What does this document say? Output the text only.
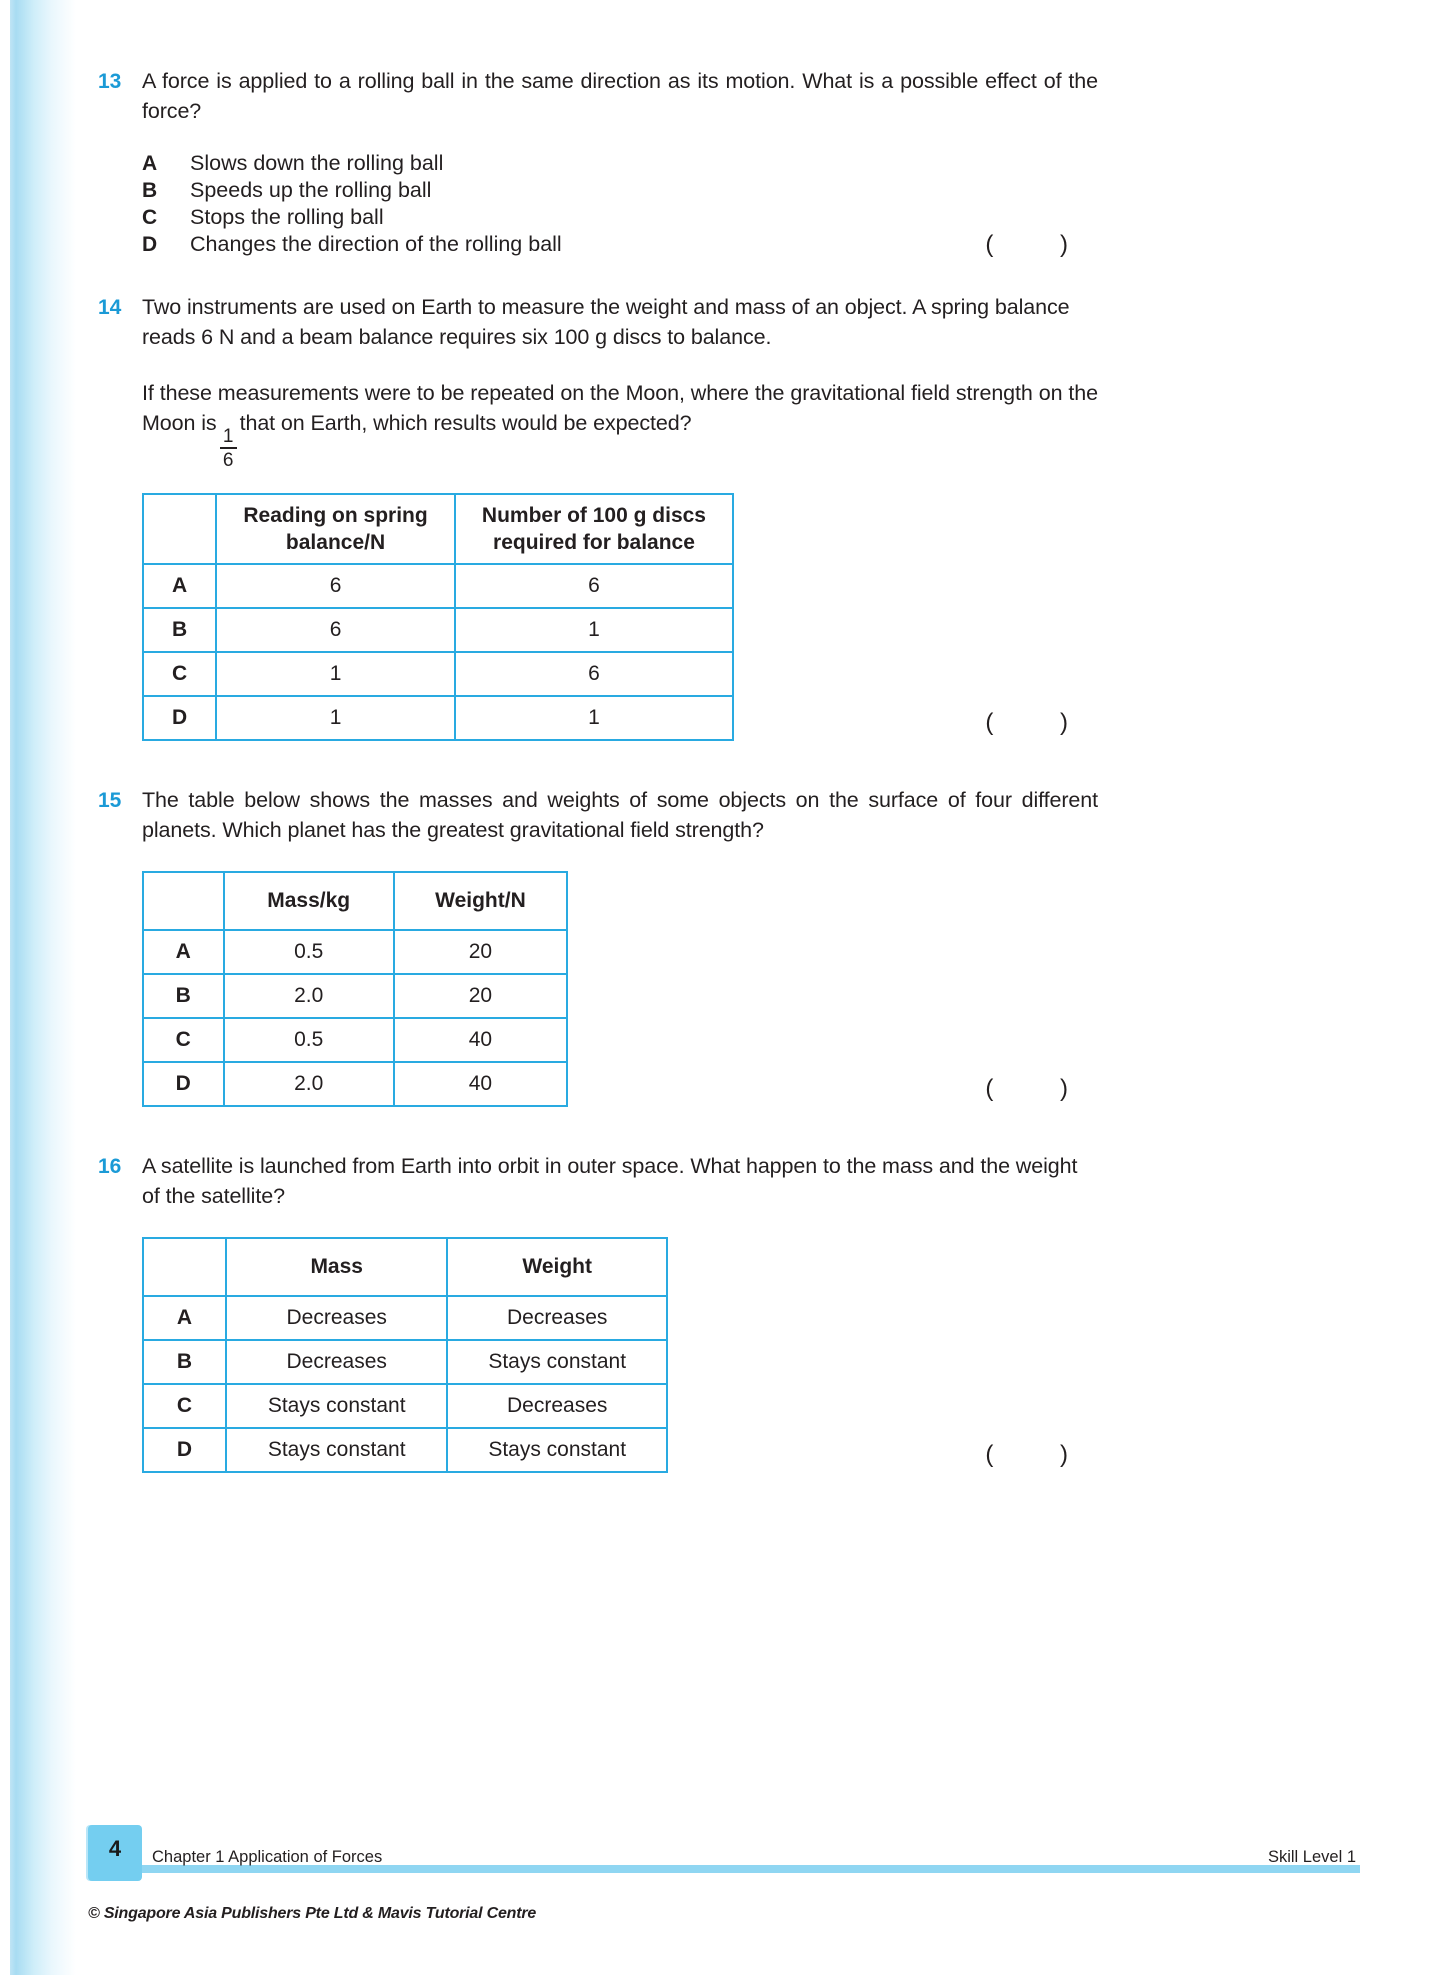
13 A force is applied to a rolling ball in the same direction as its motion. What is a possible effect of the force?
A	Slows down the rolling ball
B	Speeds up the rolling ball
C	Stops the rolling ball
D	Changes the direction of the rolling ball	( )
14 Two instruments are used on Earth to measure the weight and mass of an object. A spring balance reads 6 N and a beam balance requires six 100 g discs to balance.
If these measurements were to be repeated on the Moon, where the gravitational field strength on the Moon is
$\frac{1}{6}$
that on Earth, which results would be expected?
	Reading on spring balance/N	Number of 100 g discs required for balance
A	6	6
B	6	1
C	1	6
D	1	1	( )
15 The table below shows the masses and weights of some objects on the surface of four different planets. Which planet has the greatest gravitational field strength?
	Mass/kg	Weight/N
A	0.5	20
B	2.0	20
C	0.5	40
D	2.0	40	( )
16 A satellite is launched from Earth into orbit in outer space. What happen to the mass and the weight of the satellite?
	Mass	Weight
A	Decreases	Decreases
B	Decreases	Stays constant
C	Stays constant	Decreases
D	Stays constant	Stays constant	( )
4	Chapter 1 Application of Forces	Skill Level 1
© Singapore Asia Publishers Pte Ltd & Mavis Tutorial Centre
